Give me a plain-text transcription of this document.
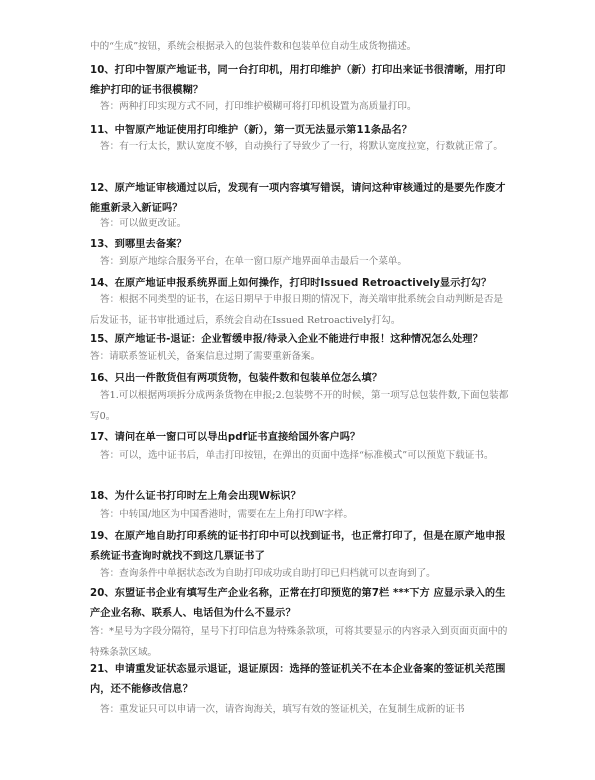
中的“生成”按钮，系统会根据录入的包装件数和包装单位自动生成货物描述。

10、打印中智原产地证书，同一台打印机，用打印维护（新）打印出来证书很清晰，用打印维护打印的证书很模糊？

答：两种打印实现方式不同，打印维护模糊可将打印机设置为高质量打印。

11、中智原产地证使用打印维护（新），第一页无法显示第11条品名？

答：有一行太长，默认宽度不够，自动换行了导致少了一行，将默认宽度拉宽，行数就正常了。

12、原产地证审核通过以后，发现有一项内容填写错误，请问这种审核通过的是要先作废才能重新录入新证吗？

答：可以做更改证。

13、到哪里去备案？

答：到原产地综合服务平台，在单一窗口原产地界面单击最后一个菜单。

14、在原产地证申报系统界面上如何操作，打印时Issued Retroactively显示打勾？

答：根据不同类型的证书，在运日期早于申报日期的情况下，海关端审批系统会自动判断是否是后发证书，证书审批通过后，系统会自动在Issued Retroactively打勾。

15、原产地证书-退证：企业暂缓申报/待录入企业不能进行申报！这种情况怎么处理？

答：请联系签证机关，备案信息过期了需要重新备案。

16、只出一件散货但有两项货物，包装件数和包装单位怎么填？

答1.可以根据两项拆分成两条货物在申报;2.包装劈不开的时候，第一项写总包装件数,下面包装都写0。

17、请问在单一窗口可以导出pdf证书直接给国外客户吗？

答：可以，选中证书后，单击打印按钮，在弹出的页面中选择“标准模式”可以预览下载证书。

18、为什么证书打印时左上角会出现W标识？

答：中转国/地区为中国香港时，需要在左上角打印W字样。

19、在原产地自助打印系统的证书打印中可以找到证书，也正常打印了，但是在原产地申报系统证书查询时就找不到这几票证书了

答：查询条件中单据状态改为自助打印成功或自助打印已归档就可以查询到了。

20、东盟证书企业有填写生产企业名称，正常在打印预览的第7栏 ***下方 应显示录入的生产企业名称、联系人、电话但为什么不显示？

答：*星号为字段分隔符，星号下打印信息为特殊条款项，可将其要显示的内容录入到页面页面中的特殊条款区域。

21、申请重发证状态显示退证，退证原因：选择的签证机关不在本企业备案的签证机关范围内，还不能修改信息？

答：重发证只可以申请一次，请咨询海关，填写有效的签证机关，在复制生成新的证书
